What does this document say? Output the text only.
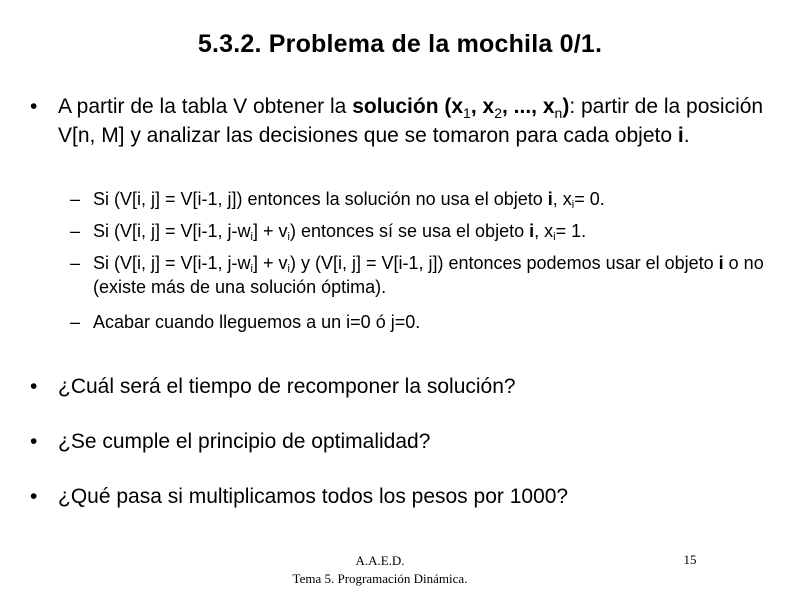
5.3.2. Problema de la mochila 0/1.
• A partir de la tabla V obtener la solución ($x_1$, $x_2$, ..., $x_n$): partir de la posición V[n, M] y analizar las decisiones que se tomaron para cada objeto i.
– Si (V[i, j] = V[i-1, j]) entonces la solución no usa el objeto i, $x_i= 0$.
– Si (V[i, j] = V[i-1, $j-w_i] + v_i$) entonces sí se usa el objeto i, $x_i= 1$.
– Si (V[i, j] = V[i-1, $j-w_i] + v_i$) y (V[i, j] = V[i-1, j]) entonces podemos usar el objeto i o no (existe más de una solución óptima).
– Acabar cuando lleguemos a un i=0 ó j=0.
• ¿Cuál será el tiempo de recomponer la solución?
• ¿Se cumple el principio de optimalidad?
• ¿Qué pasa si multiplicamos todos los pesos por 1000?
A.A.E.D.
Tema 5. Programación Dinámica.
15
